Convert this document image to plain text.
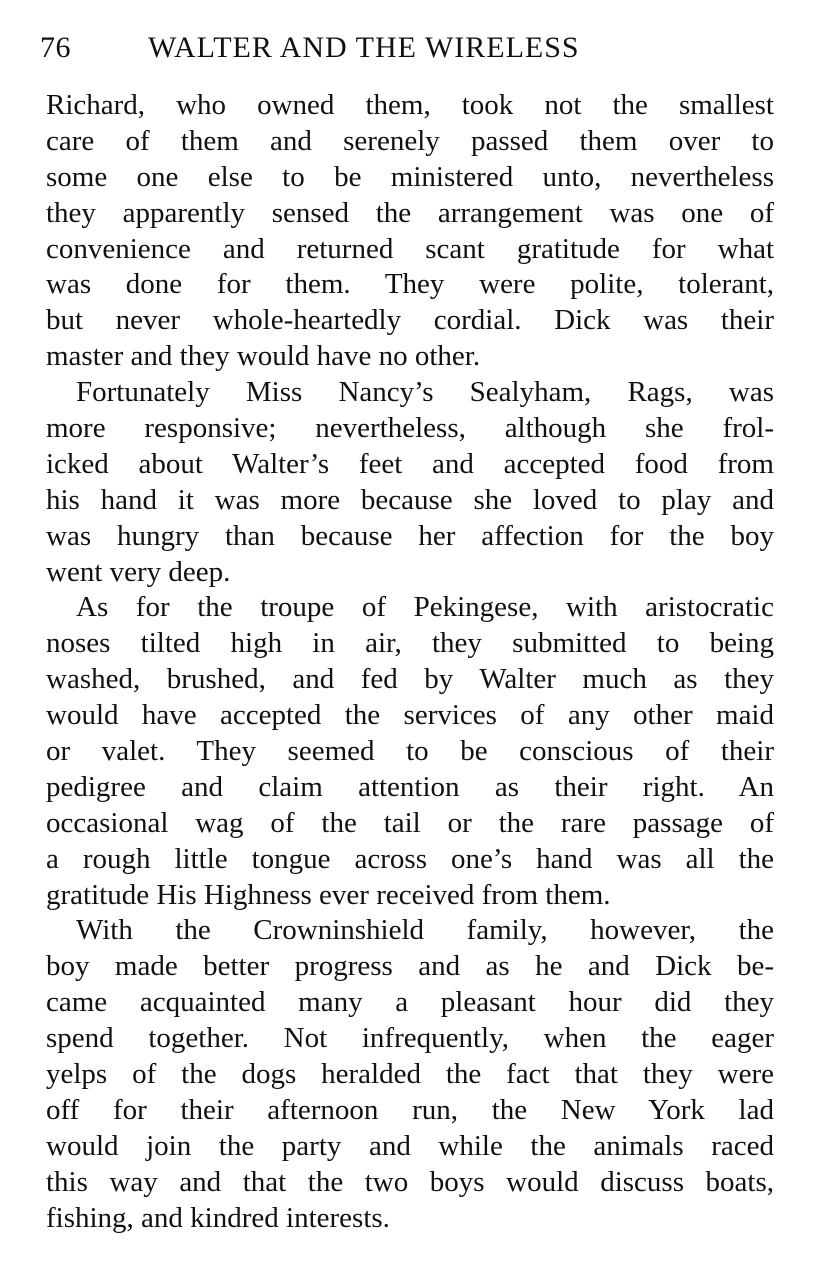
76	WALTER AND THE WIRELESS
Richard, who owned them, took not the smallest
care of them and serenely passed them over to
some one else to be ministered unto, nevertheless
they apparently sensed the arrangement was one of
convenience and returned scant gratitude for what
was done for them. They were polite, tolerant,
but never whole-heartedly cordial. Dick was their
master and they would have no other.
Fortunately Miss Nancy’s Sealyham, Rags, was
more responsive; nevertheless, although she frol-
icked about Walter’s feet and accepted food from
his hand it was more because she loved to play and
was hungry than because her affection for the boy
went very deep.
As for the troupe of Pekingese, with aristocratic
noses tilted high in air, they submitted to being
washed, brushed, and fed by Walter much as they
would have accepted the services of any other maid
or valet. They seemed to be conscious of their
pedigree and claim attention as their right. An
occasional wag of the tail or the rare passage of
a rough little tongue across one’s hand was all the
gratitude His Highness ever received from them.
With the Crowninshield family, however, the
boy made better progress and as he and Dick be-
came acquainted many a pleasant hour did they
spend together. Not infrequently, when the eager
yelps of the dogs heralded the fact that they were
off for their afternoon run, the New York lad
would join the party and while the animals raced
this way and that the two boys would discuss boats,
fishing, and kindred interests.
